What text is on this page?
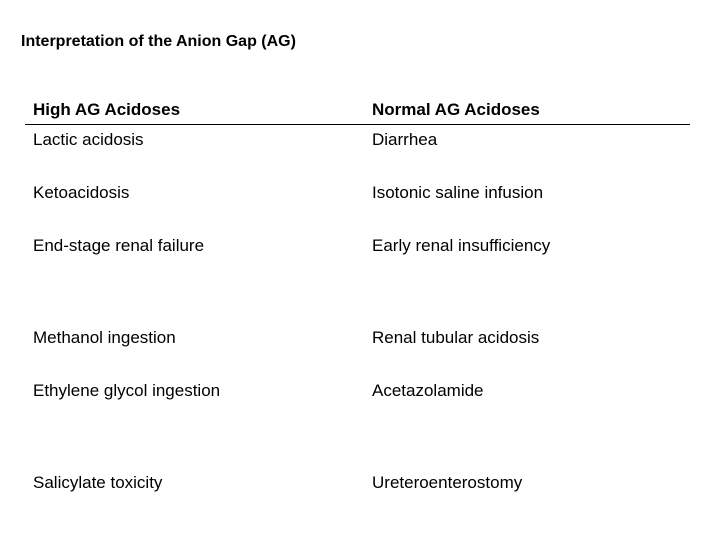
Interpretation of the Anion Gap (AG)
High AG Acidoses	Normal AG Acidoses
Lactic acidosis	Diarrhea
Ketoacidosis	Isotonic saline infusion
End-stage renal failure	Early renal insufficiency
Methanol ingestion	Renal tubular acidosis
Ethylene glycol ingestion	Acetazolamide
Salicylate toxicity	Ureteroenterostomy
